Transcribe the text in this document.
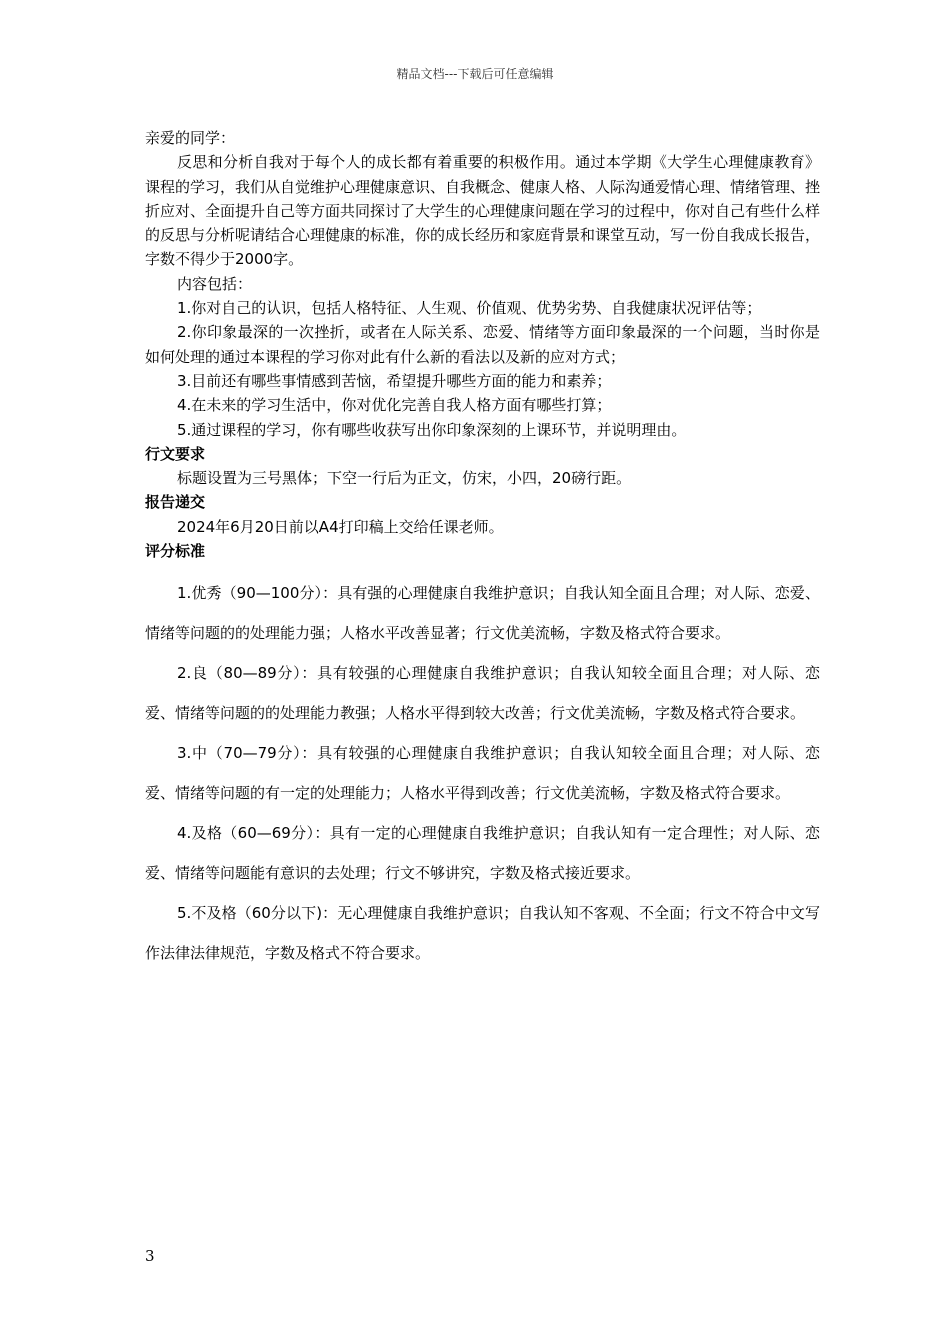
精品文档---下载后可任意编辑

亲爱的同学：

反思和分析自我对于每个人的成长都有着重要的积极作用。通过本学期《大学生心理健康教育》课程的学习，我们从自觉维护心理健康意识、自我概念、健康人格、人际沟通爱情心理、情绪管理、挫折应对、全面提升自己等方面共同探讨了大学生的心理健康问题在学习的过程中，你对自己有些什么样的反思与分析呢请结合心理健康的标准，你的成长经历和家庭背景和课堂互动，写一份自我成长报告，字数不得少于2000字。

内容包括：

1.你对自己的认识，包括人格特征、人生观、价值观、优势劣势、自我健康状况评估等；

2.你印象最深的一次挫折，或者在人际关系、恋爱、情绪等方面印象最深的一个问题，当时你是如何处理的通过本课程的学习你对此有什么新的看法以及新的应对方式；

3.目前还有哪些事情感到苦恼，希望提升哪些方面的能力和素养；

4.在未来的学习生活中，你对优化完善自我人格方面有哪些打算；

5.通过课程的学习，你有哪些收获写出你印象深刻的上课环节，并说明理由。

行文要求

标题设置为三号黑体；下空一行后为正文，仿宋，小四，20磅行距。

报告递交

2024年6月20日前以A4打印稿上交给任课老师。

评分标准

1.优秀（90—100分）：具有强的心理健康自我维护意识；自我认知全面且合理；对人际、恋爱、情绪等问题的的处理能力强；人格水平改善显著；行文优美流畅，字数及格式符合要求。

2.良（80—89分）：具有较强的心理健康自我维护意识；自我认知较全面且合理；对人际、恋爱、情绪等问题的的处理能力教强；人格水平得到较大改善；行文优美流畅，字数及格式符合要求。

3.中（70—79分）：具有较强的心理健康自我维护意识；自我认知较全面且合理；对人际、恋爱、情绪等问题的有一定的处理能力；人格水平得到改善；行文优美流畅，字数及格式符合要求。

4.及格（60—69分）：具有一定的心理健康自我维护意识；自我认知有一定合理性；对人际、恋爱、情绪等问题能有意识的去处理；行文不够讲究，字数及格式接近要求。

5.不及格（60分以下)：无心理健康自我维护意识；自我认知不客观、不全面；行文不符合中文写作法律法律规范，字数及格式不符合要求。

3
